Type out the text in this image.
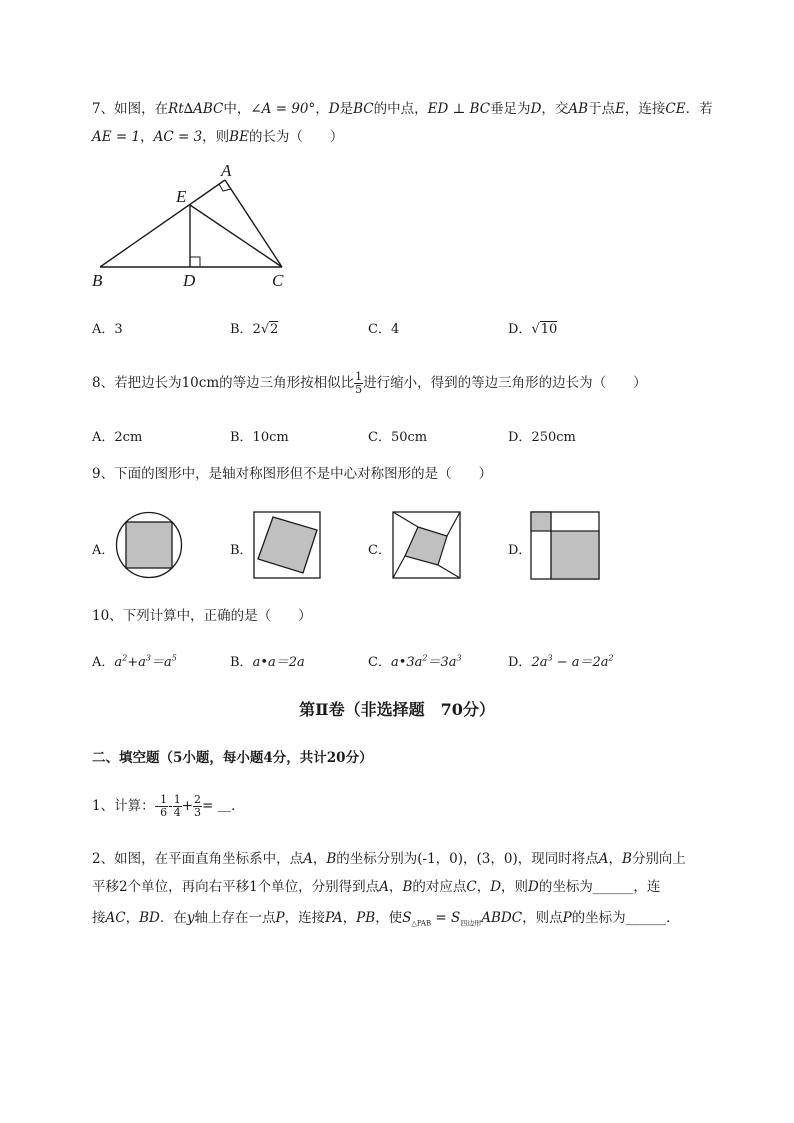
7、如图，在Rt∆ABC中，∠A = 90°，D是BC的中点，ED ⊥ BC垂足为D，交AB于点E，连接CE．若
AE = 1，AC = 3，则BE的长为（　　）
A
E
B	D	C
A．3	B．2√2	C．4	D．√10
8、若把边长为10cm的等边三角形按相似比 $\frac{1}{5}$ 进行缩小，得到的等边三角形的边长为（　　）
A．2cm	B．10cm	C．50cm	D．250cm
9、下面的图形中，是轴对称图形但不是中心对称图形的是（　　）
A．	B．	C．	D．
10、下列计算中，正确的是（　　）
A．$a^2+a^3=a^5$	B．a•a＝2a	C．$a•3a^2=3a^3$	D．$2a^3 - a=2a^2$
第Ⅱ卷（非选择题　70分）
二、填空题（5小题，每小题4分，共计20分）
1、计算：- $\frac{1}{6} - \frac{1}{4} + \frac{2}{3}$ = ＿．
2、如图，在平面直角坐标系中，点A，B的坐标分别为(-1，0)，(3，0)，现同时将点A，B分别向上
平移2个单位，再向右平移1个单位，分别得到点A，B的对应点C，D，则D的坐标为______，连
接AC，BD．在y轴上存在一点P，连接PA，PB，使$S_{\triangle PAB}$ = $S_{四边形}ABDC$，则点P的坐标为______．
